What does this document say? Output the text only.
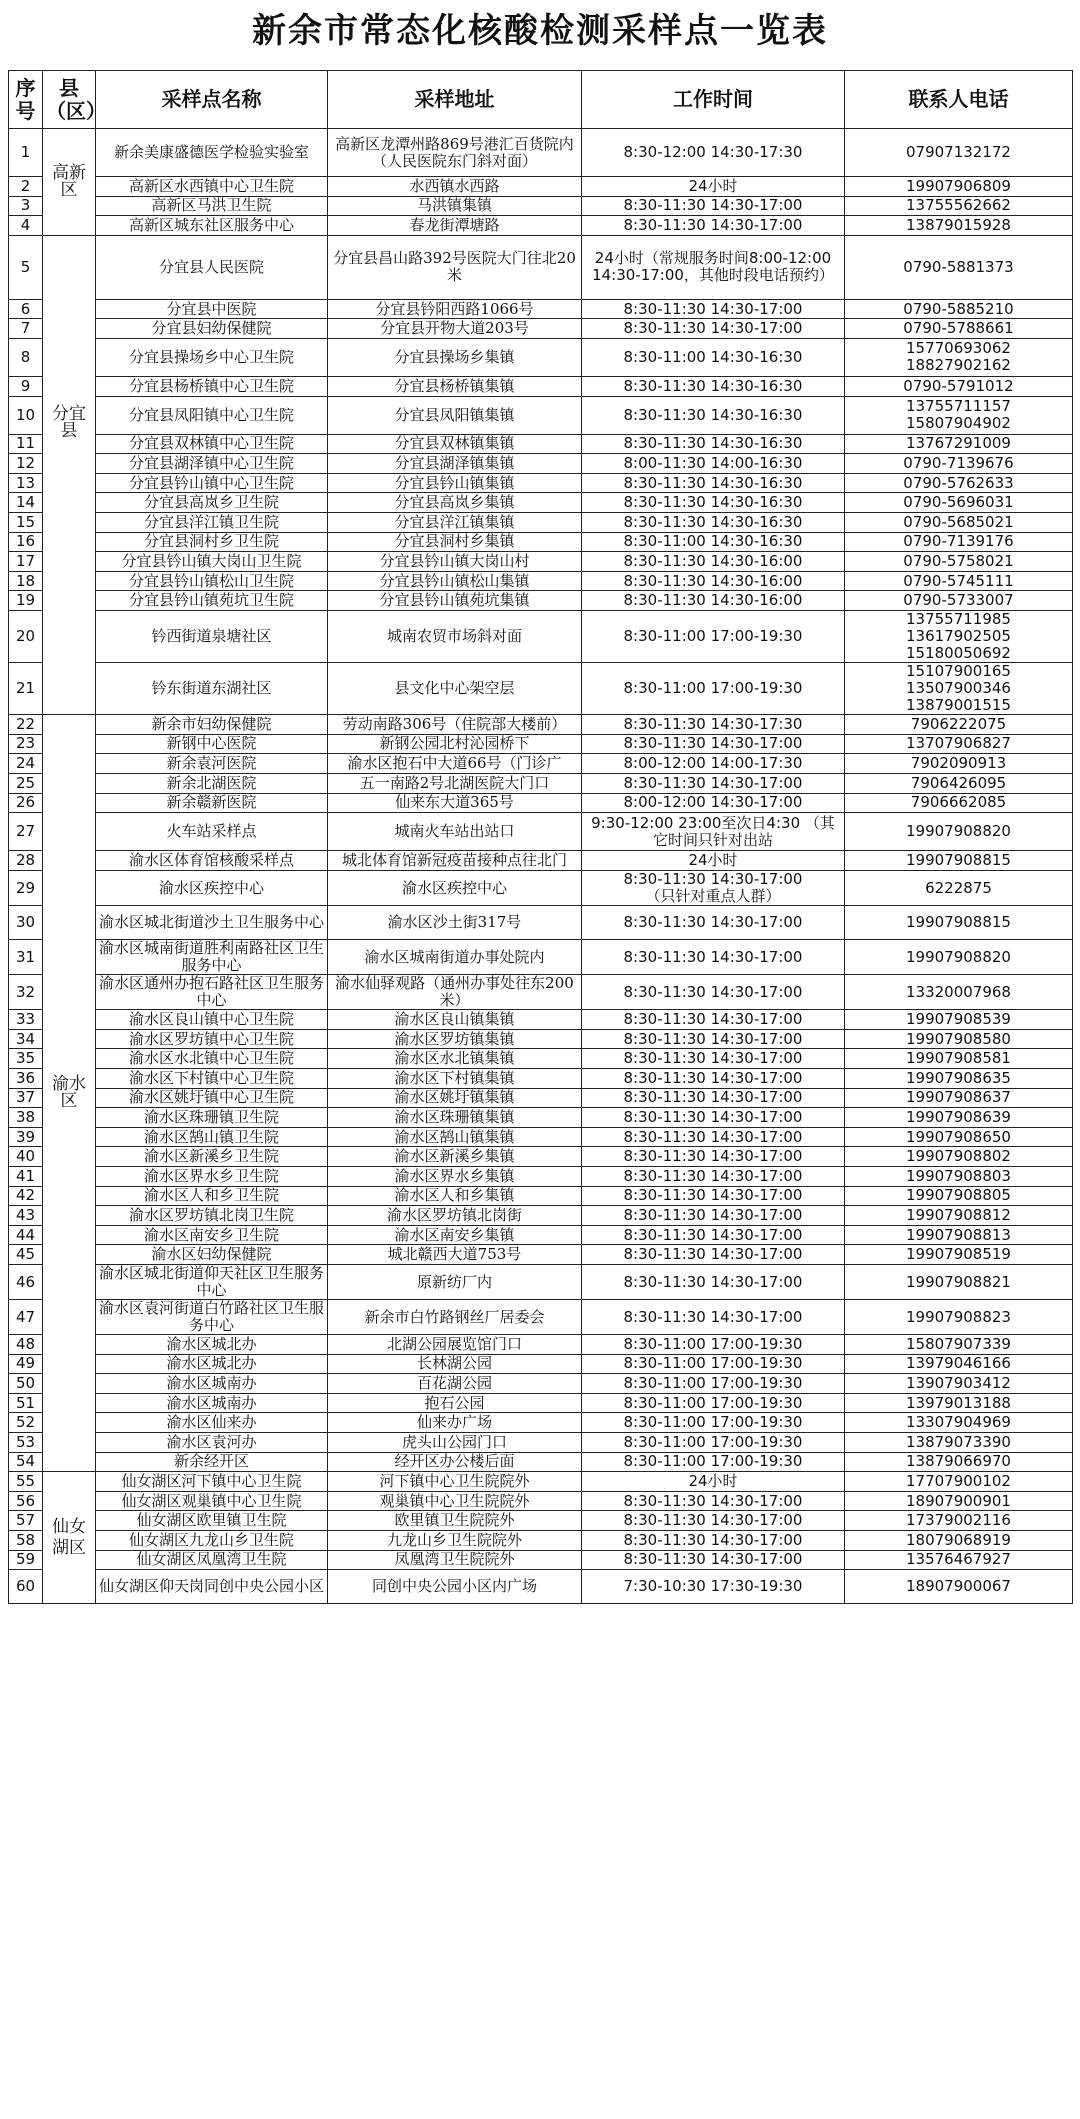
新余市常态化核酸检测采样点一览表
序号	县（区）	采样点名称	采样地址	工作时间	联系人电话
1	高新区	新余美康盛德医学检验实验室	高新区龙潭州路869号港汇百货院内（人民医院东门斜对面）	8:30-12:00 14:30-17:30	07907132172
2		高新区水西镇中心卫生院	水西镇水西路	24小时	19907906809
3		高新区马洪卫生院	马洪镇集镇	8:30-11:30 14:30-17:00	13755562662
4		高新区城东社区服务中心	春龙街潭塘路	8:30-11:30 14:30-17:00	13879015928
5	分宜县	分宜县人民医院	分宜县昌山路392号医院大门往北20米	24小时（常规服务时间8:00-12:00 14:30-17:00，其他时段电话预约）	0790-5881373
6		分宜县中医院	分宜县钤阳西路1066号	8:30-11:30 14:30-17:00	0790-5885210
7		分宜县妇幼保健院	分宜县开物大道203号	8:30-11:30 14:30-17:00	0790-5788661
8		分宜县操场乡中心卫生院	分宜县操场乡集镇	8:30-11:00 14:30-16:30	15770693062
18827902162
9		分宜县杨桥镇中心卫生院	分宜县杨桥镇集镇	8:30-11:30 14:30-16:30	0790-5791012
10		分宜县凤阳镇中心卫生院	分宜县凤阳镇集镇	8:30-11:30 14:30-16:30	13755711157
15807904902
11		分宜县双林镇中心卫生院	分宜县双林镇集镇	8:30-11:30 14:30-16:30	13767291009
12		分宜县湖泽镇中心卫生院	分宜县湖泽镇集镇	8:00-11:30 14:00-16:30	0790-7139676
13		分宜县钤山镇中心卫生院	分宜县钤山镇集镇	8:30-11:30 14:30-16:30	0790-5762633
14		分宜县高岚乡卫生院	分宜县高岚乡集镇	8:30-11:30 14:30-16:30	0790-5696031
15		分宜县洋江镇卫生院	分宜县洋江镇集镇	8:30-11:30 14:30-16:30	0790-5685021
16		分宜县洞村乡卫生院	分宜县洞村乡集镇	8:30-11:00 14:30-16:30	0790-7139176
17		分宜县钤山镇大岗山卫生院	分宜县钤山镇大岗山村	8:30-11:30 14:30-16:00	0790-5758021
18		分宜县钤山镇松山卫生院	分宜县钤山镇松山集镇	8:30-11:30 14:30-16:00	0790-5745111
19		分宜县钤山镇苑坑卫生院	分宜县钤山镇苑坑集镇	8:30-11:30 14:30-16:00	0790-5733007
20		钤西街道泉塘社区	城南农贸市场斜对面	8:30-11:00 17:00-19:30	13755711985
13617902505
15180050692
21		钤东街道东湖社区	县文化中心架空层	8:30-11:00 17:00-19:30	15107900165
13507900346
13879001515
22	渝水区	新余市妇幼保健院	劳动南路306号（住院部大楼前）	8:30-11:30 14:30-17:30	7906222075
23		新钢中心医院	新钢公园北村沁园桥下	8:30-11:30 14:30-17:00	13707906827
24		新余袁河医院	渝水区抱石中大道66号（门诊广	8:00-12:00 14:00-17:30	7902090913
25		新余北湖医院	五一南路2号北湖医院大门口	8:30-11:30 14:30-17:00	7906426095
26		新余赣新医院	仙来东大道365号	8:00-12:00 14:30-17:00	7906662085
27		火车站采样点	城南火车站出站口	9:30-12:00 23:00至次日4:30 （其它时间只针对出站	19907908820
28		渝水区体育馆核酸采样点	城北体育馆新冠疫苗接种点往北门	24小时	19907908815
29		渝水区疾控中心	渝水区疾控中心	8:30-11:30 14:30-17:00
（只针对重点人群）	6222875
30		渝水区城北街道沙土卫生服务中心	渝水区沙土街317号	8:30-11:30 14:30-17:00	19907908815
31		渝水区城南街道胜利南路社区卫生服务中心	渝水区城南街道办事处院内	8:30-11:30 14:30-17:00	19907908820
32		渝水区通州办抱石路社区卫生服务中心	渝水仙驿观路（通州办事处往东200米）	8:30-11:30 14:30-17:00	13320007968
33		渝水区良山镇中心卫生院	渝水区良山镇集镇	8:30-11:30 14:30-17:00	19907908539
34		渝水区罗坊镇中心卫生院	渝水区罗坊镇集镇	8:30-11:30 14:30-17:00	19907908580
35		渝水区水北镇中心卫生院	渝水区水北镇集镇	8:30-11:30 14:30-17:00	19907908581
36		渝水区下村镇中心卫生院	渝水区下村镇集镇	8:30-11:30 14:30-17:00	19907908635
37		渝水区姚圩镇中心卫生院	渝水区姚圩镇集镇	8:30-11:30 14:30-17:00	19907908637
38		渝水区珠珊镇卫生院	渝水区珠珊镇集镇	8:30-11:30 14:30-17:00	19907908639
39		渝水区鹄山镇卫生院	渝水区鹄山镇集镇	8:30-11:30 14:30-17:00	19907908650
40		渝水区新溪乡卫生院	渝水区新溪乡集镇	8:30-11:30 14:30-17:00	19907908802
41		渝水区界水乡卫生院	渝水区界水乡集镇	8:30-11:30 14:30-17:00	19907908803
42		渝水区人和乡卫生院	渝水区人和乡集镇	8:30-11:30 14:30-17:00	19907908805
43		渝水区罗坊镇北岗卫生院	渝水区罗坊镇北岗街	8:30-11:30 14:30-17:00	19907908812
44		渝水区南安乡卫生院	渝水区南安乡集镇	8:30-11:30 14:30-17:00	19907908813
45		渝水区妇幼保健院	城北赣西大道753号	8:30-11:30 14:30-17:00	19907908519
46		渝水区城北街道仰天社区卫生服务中心	原新纺厂内	8:30-11:30 14:30-17:00	19907908821
47		渝水区袁河街道白竹路社区卫生服务中心	新余市白竹路钢丝厂居委会	8:30-11:30 14:30-17:00	19907908823
48		渝水区城北办	北湖公园展览馆门口	8:30-11:00 17:00-19:30	15807907339
49		渝水区城北办	长林湖公园	8:30-11:00 17:00-19:30	13979046166
50		渝水区城南办	百花湖公园	8:30-11:00 17:00-19:30	13907903412
51		渝水区城南办	抱石公园	8:30-11:00 17:00-19:30	13979013188
52		渝水区仙来办	仙来办广场	8:30-11:00 17:00-19:30	13307904969
53		渝水区袁河办	虎头山公园门口	8:30-11:00 17:00-19:30	13879073390
54		新余经开区	经开区办公楼后面	8:30-11:00 17:00-19:30	13879066970
55	仙女湖区	仙女湖区河下镇中心卫生院	河下镇中心卫生院院外	24小时	17707900102
56		仙女湖区观巢镇中心卫生院	观巢镇中心卫生院院外	8:30-11:30 14:30-17:00	18907900901
57		仙女湖区欧里镇卫生院	欧里镇卫生院院外	8:30-11:30 14:30-17:00	17379002116
58		仙女湖区九龙山乡卫生院	九龙山乡卫生院院外	8:30-11:30 14:30-17:00	18079068919
59		仙女湖区凤凰湾卫生院	凤凰湾卫生院院外	8:30-11:30 14:30-17:00	13576467927
60		仙女湖区仰天岗同创中央公园小区	同创中央公园小区内广场	7:30-10:30 17:30-19:30	18907900067
